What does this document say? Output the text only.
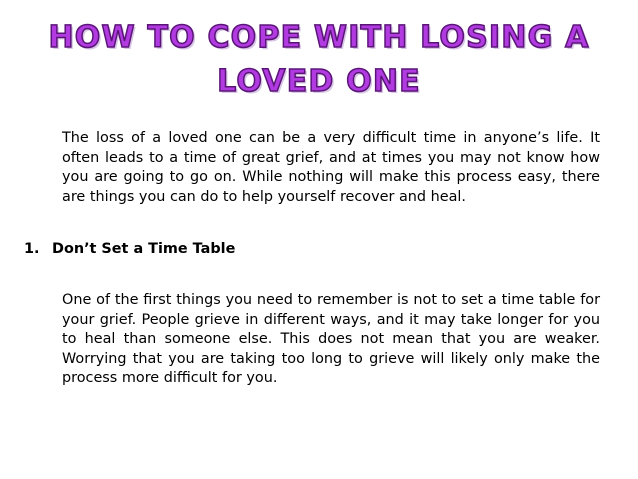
HOW TO COPE WITH LOSING A LOVED ONE

The loss of a loved one can be a very difficult time in anyone’s life. It often leads to a time of great grief, and at times you may not know how you are going to go on. While nothing will make this process easy, there are things you can do to help yourself recover and heal.

1. Don’t Set a Time Table

One of the first things you need to remember is not to set a time table for your grief. People grieve in different ways, and it may take longer for you to heal than someone else. This does not mean that you are weaker. Worrying that you are taking too long to grieve will likely only make the process more difficult for you.
